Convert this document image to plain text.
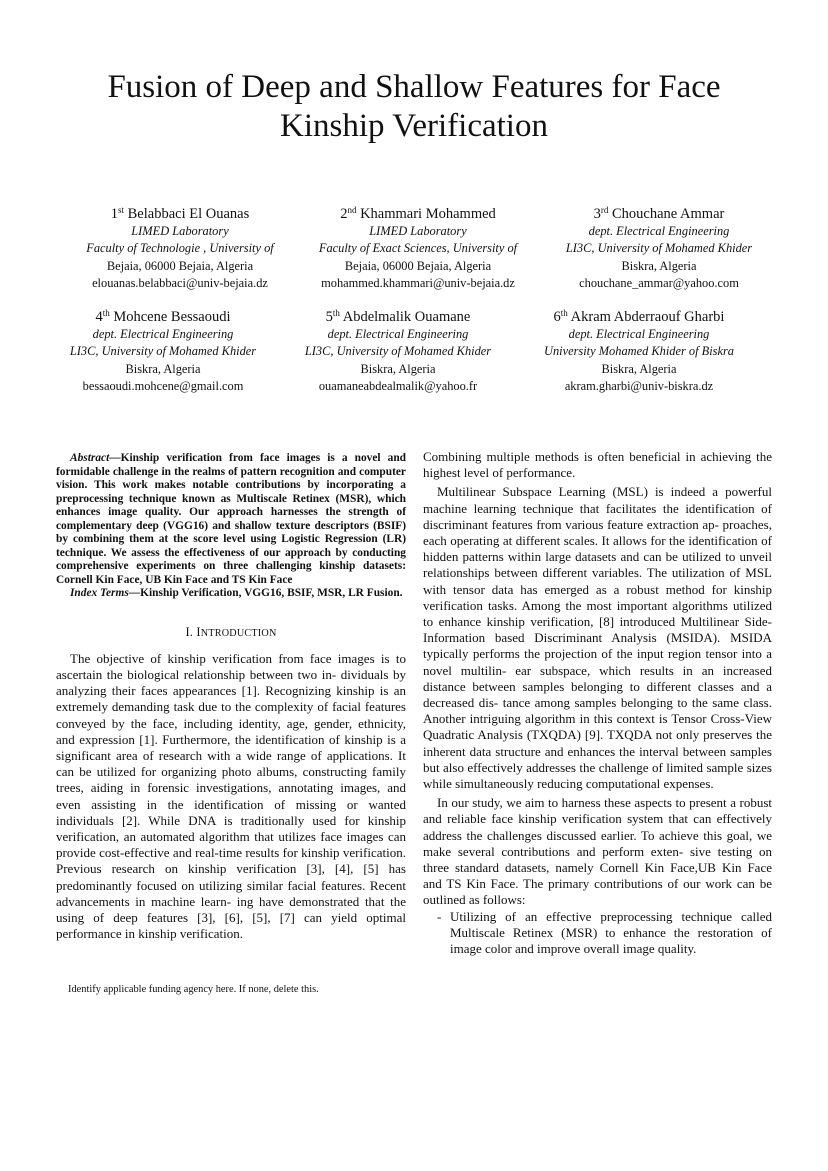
Fusion of Deep and Shallow Features for Face
Kinship Verification
1st Belabbaci El Ouanas
LIMED Laboratory
Faculty of Technologie , University of
Bejaia, 06000 Bejaia, Algeria
elouanas.belabbaci@univ-bejaia.dz
2nd Khammari Mohammed
LIMED Laboratory
Faculty of Exact Sciences, University of
Bejaia, 06000 Bejaia, Algeria
mohammed.khammari@univ-bejaia.dz
3rd Chouchane Ammar
dept. Electrical Engineering
LI3C, University of Mohamed Khider
Biskra, Algeria
chouchane_ammar@yahoo.com
4th Mohcene Bessaoudi
dept. Electrical Engineering
LI3C, University of Mohamed Khider
Biskra, Algeria
bessaoudi.mohcene@gmail.com
5th Abdelmalik Ouamane
dept. Electrical Engineering
LI3C, University of Mohamed Khider
Biskra, Algeria
ouamaneabdealmalik@yahoo.fr
6th Akram Abderraouf Gharbi
dept. Electrical Engineering
University Mohamed Khider of Biskra
Biskra, Algeria
akram.gharbi@univ-biskra.dz

Abstract—Kinship verification from face images is a novel and formidable challenge in the realms of pattern recognition and computer vision. This work makes notable contributions by incorporating a preprocessing technique known as Multiscale Retinex (MSR), which enhances image quality. Our approach harnesses the strength of complementary deep (VGG16) and shallow texture descriptors (BSIF) by combining them at the score level using Logistic Regression (LR) technique. We assess the effectiveness of our approach by conducting comprehensive experiments on three challenging kinship datasets: Cornell Kin Face, UB Kin Face and TS Kin Face

Index Terms—Kinship Verification, VGG16, BSIF, MSR, LR Fusion.

I. INTRODUCTION

The objective of kinship verification from face images is to ascertain the biological relationship between two in- dividuals by analyzing their faces appearances [1]. Recognizing kinship is an extremely demanding task due to the complexity of facial features conveyed by the face, including identity, age, gender, ethnicity, and expression [1]. Furthermore, the identification of kinship is a significant area of research with a wide range of applications. It can be utilized for organizing photo albums, constructing family trees, aiding in forensic investigations, annotating images, and even assisting in the identification of missing or wanted individuals [2]. While DNA is traditionally used for kinship verification, an automated algorithm that utilizes face images can provide cost-effective and real-time results for kinship verification. Previous research on kinship verification [3], [4], [5] has predominantly focused on utilizing similar facial features. Recent advancements in machine learn- ing have demonstrated that the using of deep features [3], [6], [5], [7] can yield optimal performance in kinship verification.

Identify applicable funding agency here. If none, delete this.

Combining multiple methods is often beneficial in achieving the highest level of performance.

Multilinear Subspace Learning (MSL) is indeed a powerful machine learning technique that facilitates the identification of discriminant features from various feature extraction ap- proaches, each operating at different scales. It allows for the identification of hidden patterns within large datasets and can be utilized to unveil relationships between different variables. The utilization of MSL with tensor data has emerged as a robust method for kinship verification tasks. Among the most important algorithms utilized to enhance kinship verification, [8] introduced Multilinear Side-Information based Discriminant Analysis (MSIDA). MSIDA typically performs the projection of the input region tensor into a novel multilin- ear subspace, which results in an increased distance between samples belonging to different classes and a decreased dis- tance among samples belonging to the same class. Another intriguing algorithm in this context is Tensor Cross-View Quadratic Analysis (TXQDA) [9]. TXQDA not only preserves the inherent data structure and enhances the interval between samples but also effectively addresses the challenge of limited sample sizes while simultaneously reducing computational expenses.

In our study, we aim to harness these aspects to present a robust and reliable face kinship verification system that can effectively address the challenges discussed earlier. To achieve this goal, we make several contributions and perform exten- sive testing on three standard datasets, namely Cornell Kin Face,UB Kin Face and TS Kin Face. The primary contributions of our work can be outlined as follows:

- Utilizing of an effective preprocessing technique called Multiscale Retinex (MSR) to enhance the restoration of image color and improve overall image quality.
